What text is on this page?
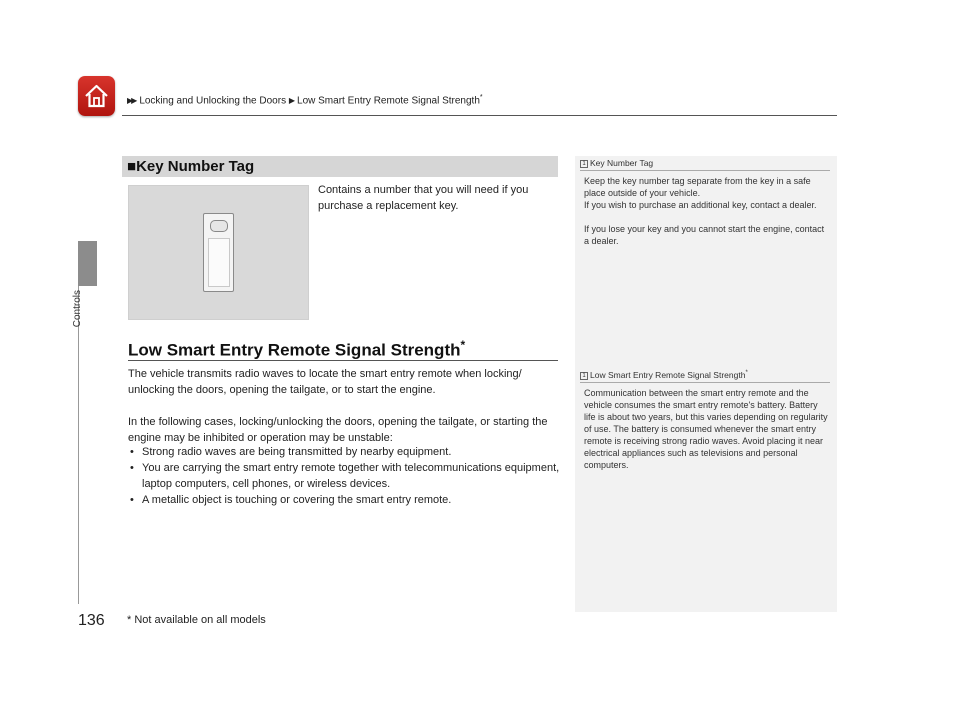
▶▶ Locking and Unlocking the Doors ▶ Low Smart Entry Remote Signal Strength*
Controls
■Key Number Tag
Contains a number that you will need if you purchase a replacement key.
Low Smart Entry Remote Signal Strength*

The vehicle transmits radio waves to locate the smart entry remote when locking/ unlocking the doors, opening the tailgate, or to start the engine.

In the following cases, locking/unlocking the doors, opening the tailgate, or starting the engine may be inhibited or operation may be unstable:

• Strong radio waves are being transmitted by nearby equipment.
• You are carrying the smart entry remote together with telecommunications equipment, laptop computers, cell phones, or wireless devices.
• A metallic object is touching or covering the smart entry remote.
1 Key Number Tag

Keep the key number tag separate from the key in a safe place outside of your vehicle.
If you wish to purchase an additional key, contact a dealer.

If you lose your key and you cannot start the engine, contact a dealer.

1 Low Smart Entry Remote Signal Strength*

Communication between the smart entry remote and the vehicle consumes the smart entry remote's battery. Battery life is about two years, but this varies depending on regularity of use. The battery is consumed whenever the smart entry remote is receiving strong radio waves. Avoid placing it near electrical appliances such as televisions and personal computers.

136 * Not available on all models
